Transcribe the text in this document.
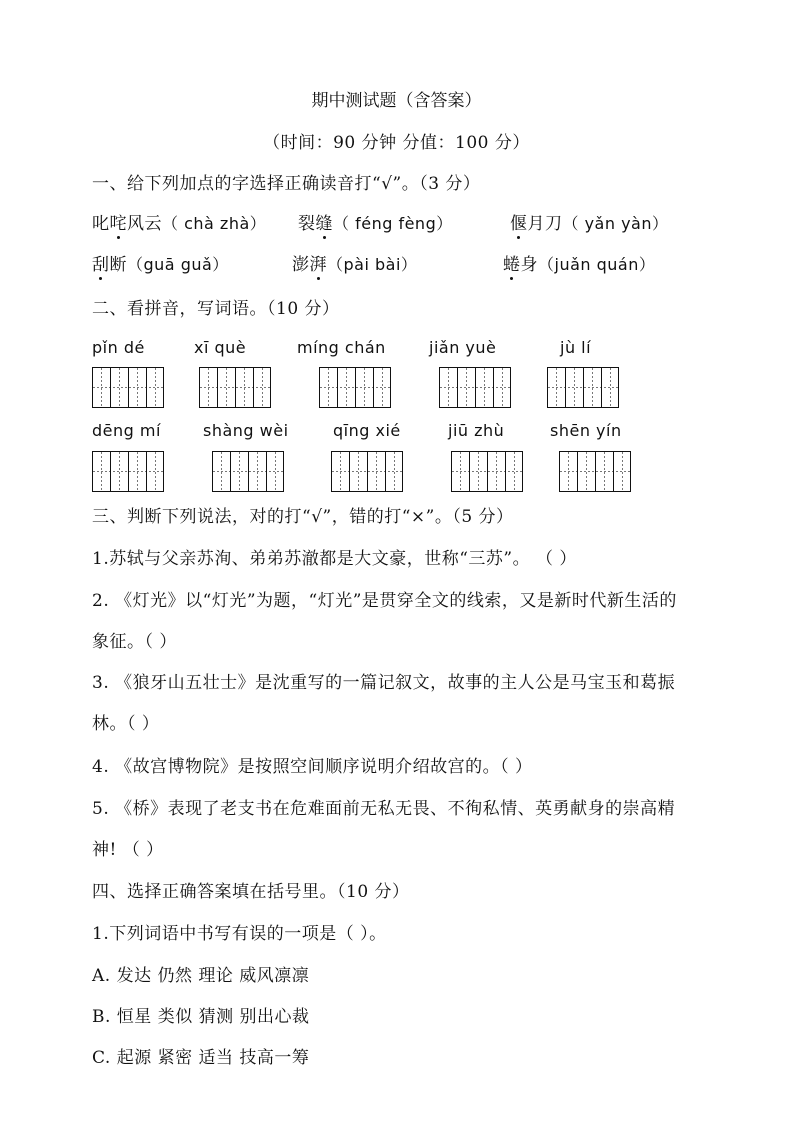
期中测试题（含答案）
（时间：90 分钟 分值：100 分）
一、给下列加点的字选择正确读音打“√”。（3 分）
叱咤风云（ chà zhà） 裂缝（ féng fèng）	偃月刀（ yǎn yàn）
刮断（guā guǎ）	澎湃（pài bài）	蜷身（juǎn quán）
二、看拼音，写词语。（10 分）
pǐn dé	xī què	míng chán	jiǎn yuè	jù lí
dēng mí	shàng wèi	qīng xié	jiū zhù	shēn yín
三、判断下列说法，对的打“√”，错的打“×”。（5 分）
1.苏轼与父亲苏洵、弟弟苏澈都是大文豪，世称“三苏”。 （ ）
2. 《灯光》以“灯光”为题，“灯光”是贯穿全文的线索，又是新时代新生活的
象征。（ ）
3. 《狼牙山五壮士》是沈重写的一篇记叙文，故事的主人公是马宝玉和葛振
林。（ ）
4. 《故宫博物院》是按照空间顺序说明介绍故宫的。（ ）
5. 《桥》表现了老支书在危难面前无私无畏、不徇私情、英勇献身的崇高精
神! （ ）
四、选择正确答案填在括号里。（10 分）
1.下列词语中书写有误的一项是（ ）。
A. 发达 仍然 理论 威风凛凛
B. 恒星 类似 猜测 别出心裁
C. 起源 紧密 适当 技高一筹
